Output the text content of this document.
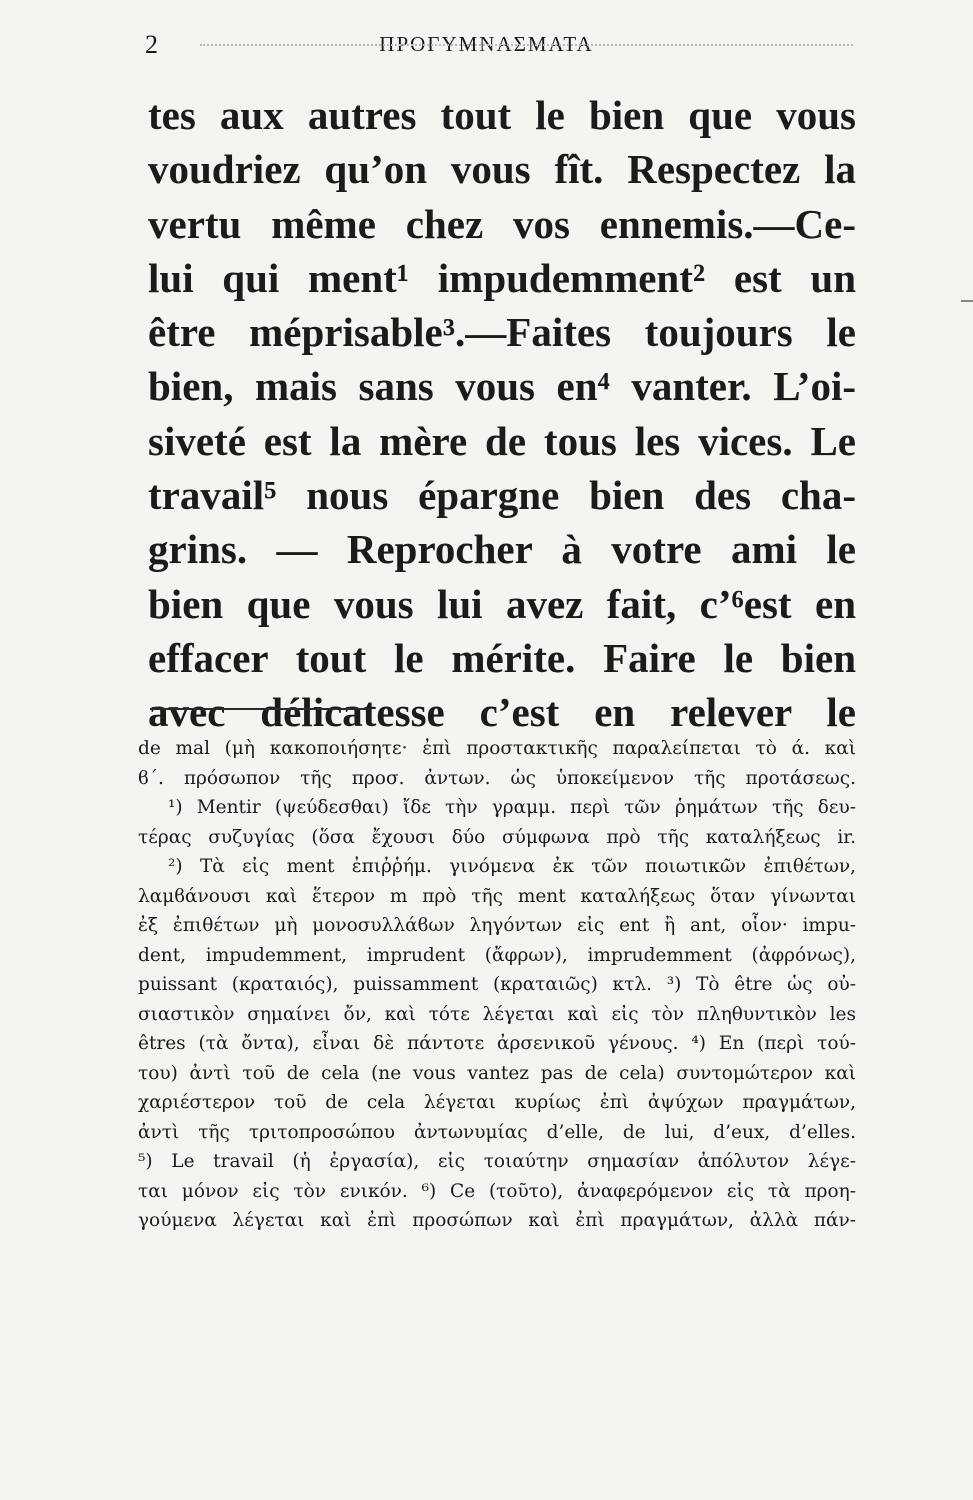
2	ΠΡΟΓΥΜΝΑΣΜΑΤΑ
tes aux autres tout le bien que vous
voudriez qu’on vous fît. Respectez la
vertu même chez vos ennemis.—Ce-
lui qui ment¹ impudemment² est un
être méprisable³.—Faites toujours le
bien, mais sans vous en⁴ vanter. L’oi-
siveté est la mère de tous les vices. Le
travail⁵ nous épargne bien des cha-
grins. — Reprocher à votre ami le
bien que vous lui avez fait, c’⁶est en
effacer tout le mérite. Faire le bien
avec délicatesse c’est en relever le
de mal (μὴ κακοποιήσητε· ἐπὶ προστακτικῆς παραλείπεται τὸ ά. καὶ
ϐ΄. πρόσωπον τῆς προσ. ἀντων. ὡς ὑποκείμενον τῆς προτάσεως.
¹) Mentir (ψεύδεσθαι) ἴδε τὴν γραμμ. περὶ τῶν ῥημάτων τῆς δευ-
τέρας συζυγίας (ὅσα ἔχουσι δύο σύμφωνα πρὸ τῆς καταλήξεως ir.
²) Τὰ εἰς ment ἐπιῤῥήμ. γινόμενα ἐκ τῶν ποιωτικῶν ἐπιθέτων,
λαμϐάνουσι καὶ ἕτερον m πρὸ τῆς ment καταλήξεως ὅταν γίνωνται
ἐξ ἐπιθέτων μὴ μονοσυλλάϐων ληγόντων εἰς ent ἢ ant, οἷον· impu-
dent, impudemment, imprudent (ἄφρων), imprudemment (ἀφρόνως),
puissant (κραταιός), puissamment (κραταιῶς) κτλ. ³) Τὸ être ὡς οὐ-
σιαστικὸν σημαίνει ὄν, καὶ τότε λέγεται καὶ εἰς τὸν πληθυντικὸν les
êtres (τὰ ὄντα), εἶναι δὲ πάντοτε ἀρσενικοῦ γένους. ⁴) En (περὶ τού-
του) ἀντὶ τοῦ de cela (ne vous vantez pas de cela) συντομώτερον καὶ
χαριέστερον τοῦ de cela λέγεται κυρίως ἐπὶ ἀψύχων πραγμάτων,
ἀντὶ τῆς τριτοπροσώπου ἀντωνυμίας d’elle, de lui, d’eux, d’elles.
⁵) Le travail (ἡ ἐργασία), εἰς τοιαύτην σημασίαν ἀπόλυτον λέγε-
ται μόνον εἰς τὸν ενικόν. ⁶) Ce (τοῦτο), ἀναφερόμενον εἰς τὰ προη-
γούμενα λέγεται καὶ ἐπὶ προσώπων καὶ ἐπὶ πραγμάτων, ἀλλὰ πάν-
